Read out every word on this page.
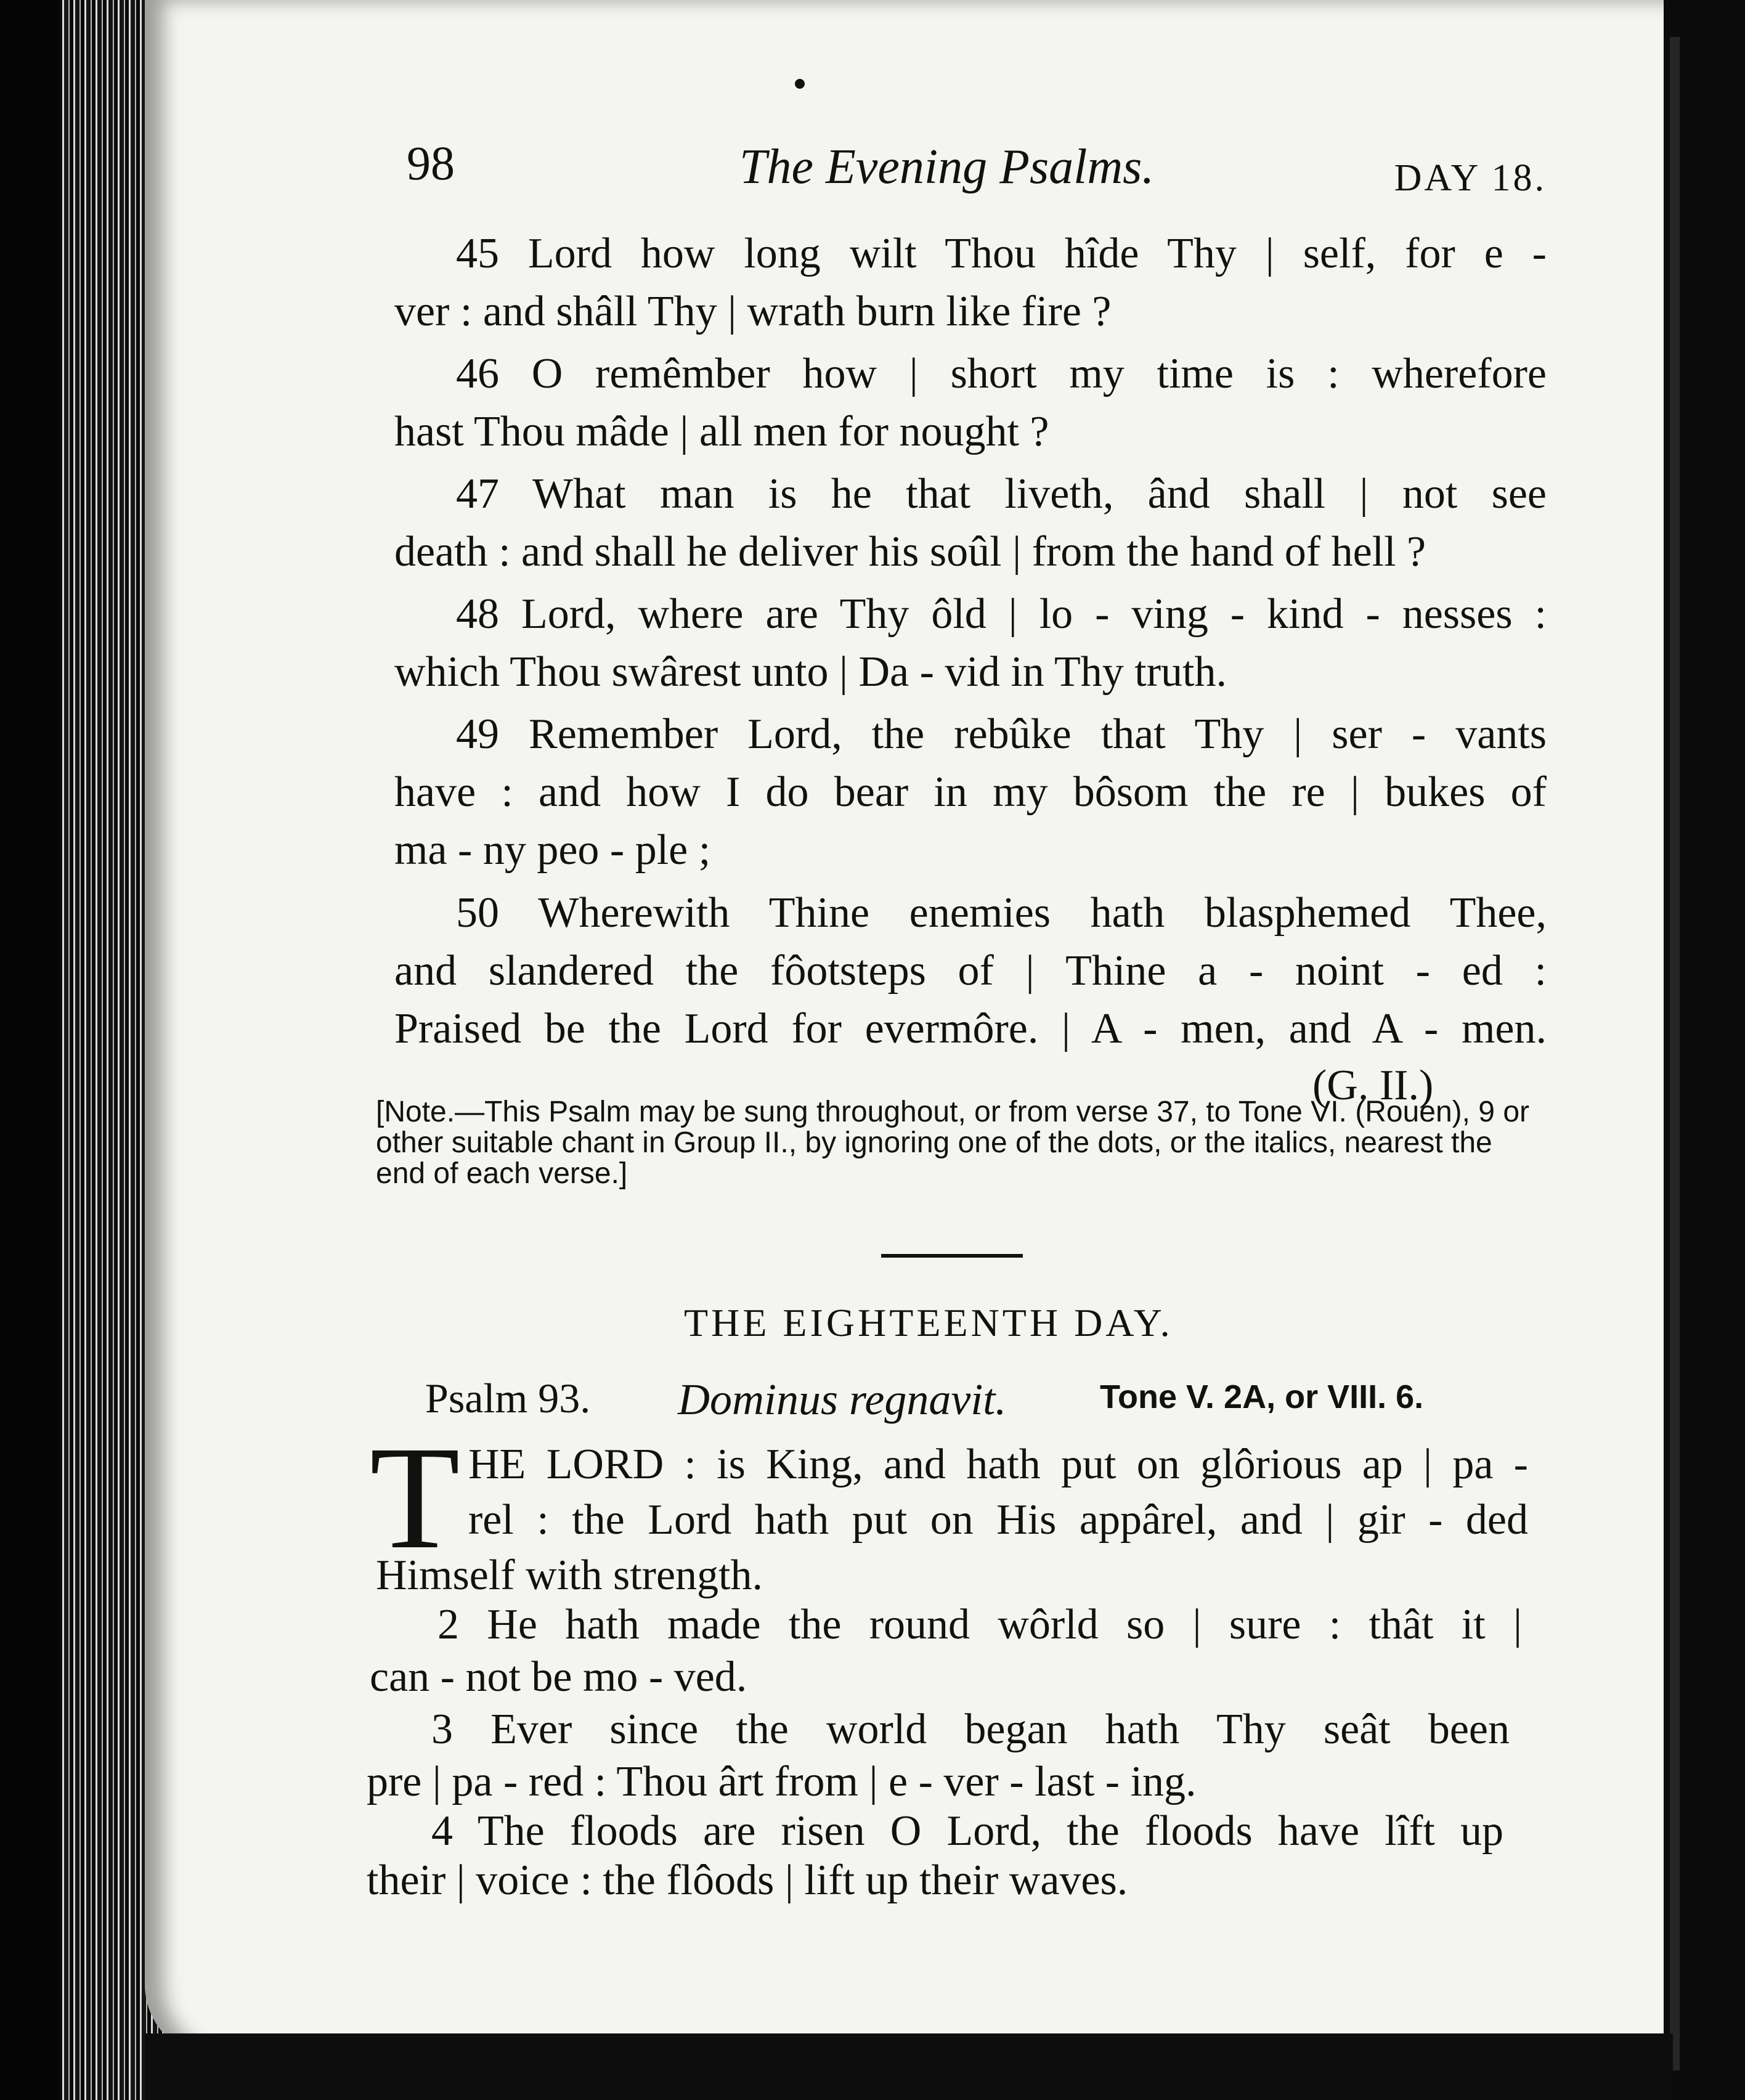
98	The Evening Psalms.	DAY 18.
45 Lord how long wilt Thou hîde Thy | self, for e -
ver : and shâll Thy | wrath burn like fire ?
46 O remêmber how | short my time is : wherefore
hast Thou mâde | all men for nought ?
47 What man is he that liveth, ând shall | not see
death : and shall he deliver his soûl | from the hand of hell ?
48 Lord, where are Thy ôld | lo - ving - kind - nesses :
which Thou swârest unto | Da - vid in Thy truth.
49 Remember Lord, the rebûke that Thy | ser - vants
have : and how I do bear in my bôsom the re | bukes of
ma - ny peo - ple ;
50 Wherewith Thine enemies hath blasphemed Thee,
and slandered the fôotsteps of | Thine a - noint - ed :
Praised be the Lord for evermôre. | A - men, and A - men.
(G. II.)
[Note.—This Psalm may be sung throughout, or from verse 37, to Tone VI. (Rouen), 9 or other suitable chant in Group II., by ignoring one of the dots, or the italics, nearest the end of each verse.]
THE EIGHTEENTH DAY.
Psalm 93. Dominus regnavit.	Tone V. 2A, or VIII. 6.
T HE LORD : is King, and hath put on glôrious ap | pa -
rel : the Lord hath put on His appârel, and | gir - ded
Himself with strength.
2 He hath made the round wôrld so | sure : thât it |
can - not be mo - ved.
3 Ever since the world began hath Thy seât been
pre | pa - red : Thou ârt from | e - ver - last - ing.
4 The floods are risen O Lord, the floods have lîft up
their | voice : the flôods | lift up their waves.
